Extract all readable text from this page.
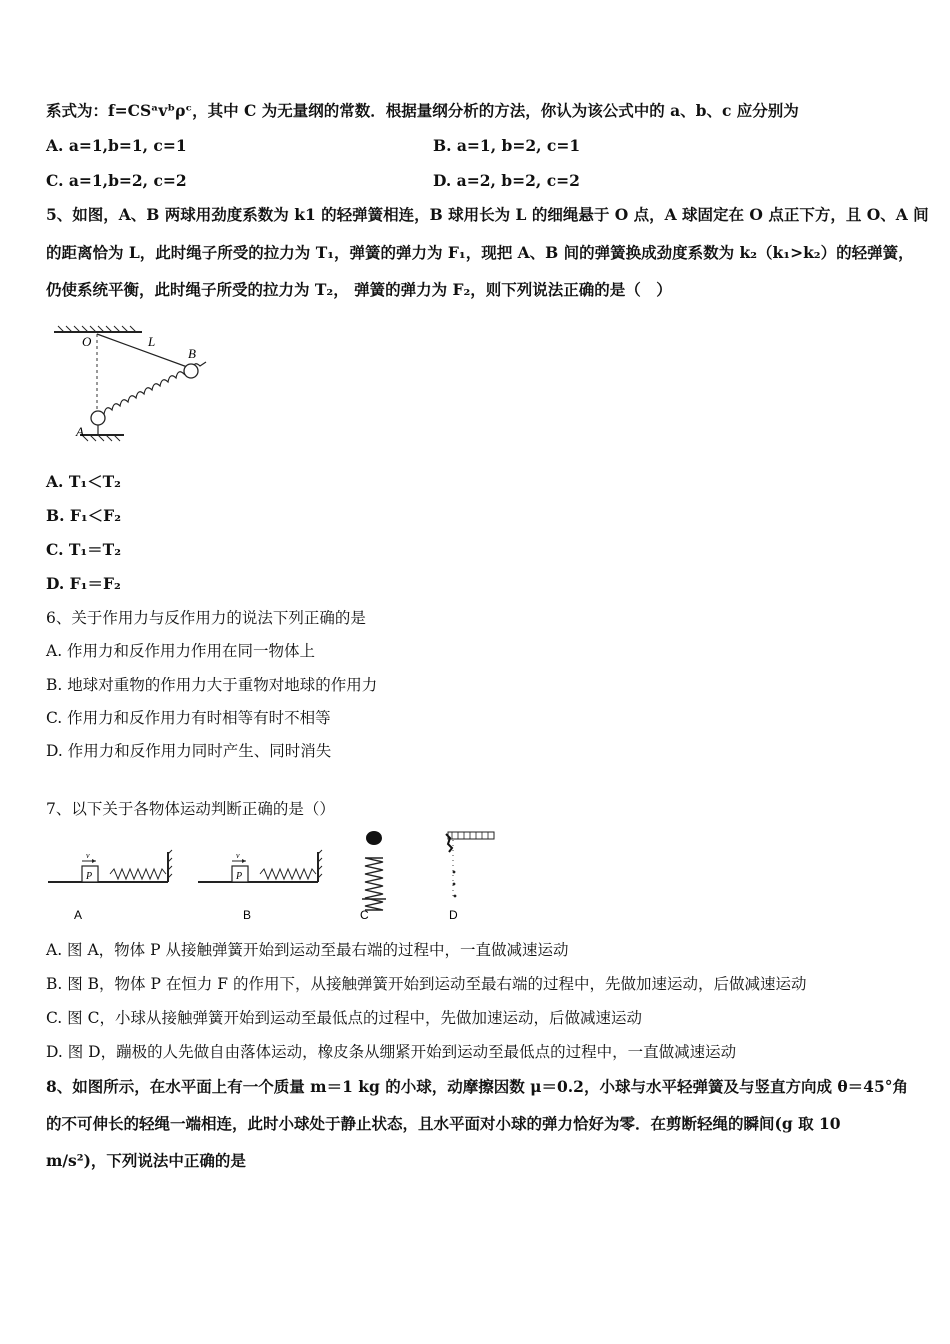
系式为：f=CSᵃvᵇρᶜ，其中 C 为无量纲的常数．根据量纲分析的方法，你认为该公式中的 a、b、c 应分别为
A. a=1,b=1, c=1	B. a=1, b=2, c=1
C. a=1,b=2, c=2	D. a=2, b=2, c=2
5、如图，A、B 两球用劲度系数为 k1 的轻弹簧相连，B 球用长为 L 的细绳悬于 O 点，A 球固定在 O 点正下方，且 O、A 间
的距离恰为 L，此时绳子所受的拉力为 T₁，弹簧的弹力为 F₁，现把 A、B 间的弹簧换成劲度系数为 k₂（k₁>k₂）的轻弹簧，
仍使系统平衡，此时绳子所受的拉力为 T₂， 弹簧的弹力为 F₂，则下列说法正确的是（　）
O	L
B
A
A. T₁＜T₂
B. F₁＜F₂
C. T₁＝T₂
D. F₁＝F₂
6、关于作用力与反作用力的说法下列正确的是
A. 作用力和反作用力作用在同一物体上
B. 地球对重物的作用力大于重物对地球的作用力
C. 作用力和反作用力有时相等有时不相等
D. 作用力和反作用力同时产生、同时消失
7、以下关于各物体运动判断正确的是（）
P
v
P
v
A	B	C	D
A. 图 A，物体 P 从接触弹簧开始到运动至最右端的过程中，一直做减速运动
B. 图 B，物体 P 在恒力 F 的作用下，从接触弹簧开始到运动至最右端的过程中，先做加速运动，后做减速运动
C. 图 C，小球从接触弹簧开始到运动至最低点的过程中，先做加速运动，后做减速运动
D. 图 D，蹦极的人先做自由落体运动，橡皮条从绷紧开始到运动至最低点的过程中，一直做减速运动
8、如图所示，在水平面上有一个质量 m＝1 kg 的小球，动摩擦因数 μ＝0.2，小球与水平轻弹簧及与竖直方向成 θ＝45°角
的不可伸长的轻绳一端相连，此时小球处于静止状态，且水平面对小球的弹力恰好为零．在剪断轻绳的瞬间(g 取 10
m/s²)，下列说法中正确的是
